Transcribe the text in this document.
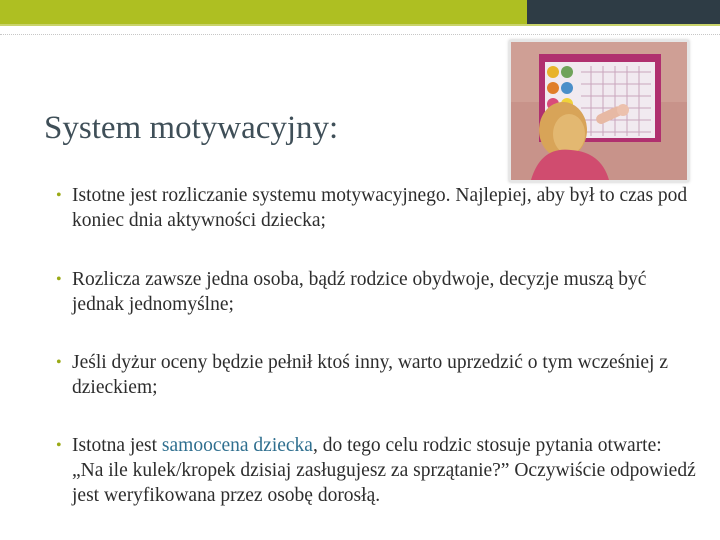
System motywacyjny:
• Istotne jest rozliczanie systemu motywacyjnego. Najlepiej, aby był to czas pod koniec dnia aktywności dziecka;
• Rozlicza zawsze jedna osoba, bądź rodzice obydwoje, decyzje muszą być jednak jednomyślne;
• Jeśli dyżur oceny będzie pełnił ktoś inny, warto uprzedzić o tym wcześniej z dzieckiem;
• Istotna jest samoocena dziecka, do tego celu rodzic stosuje pytania otwarte: „Na ile kulek/kropek dzisiaj zasługujesz za sprzątanie?” Oczywiście odpowiedź jest weryfikowana przez osobę dorosłą.
